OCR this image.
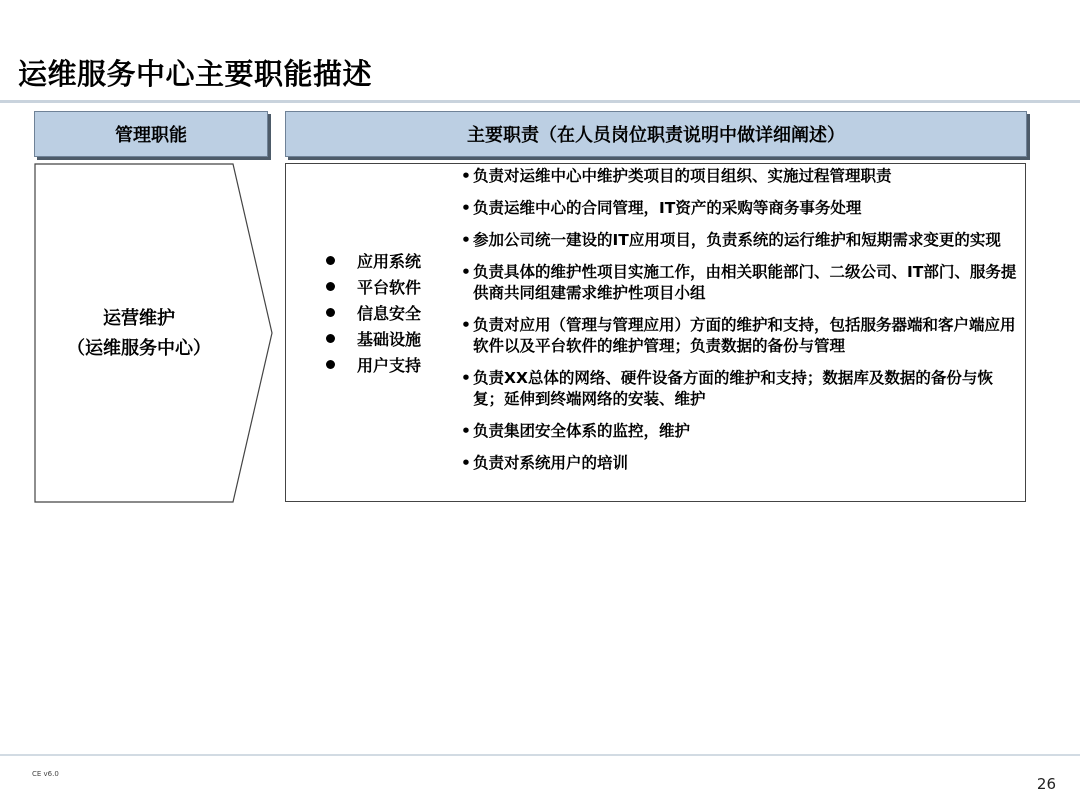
运维服务中心主要职能描述
管理职能	主要职责（在人员岗位职责说明中做详细阐述）
运营维护
（运维服务中心）
应用系统
平台软件
信息安全
基础设施
用户支持
• 负责对运维中心中维护类项目的项目组织、实施过程管理职责
• 负责运维中心的合同管理，IT资产的采购等商务事务处理
• 参加公司统一建设的IT应用项目，负责系统的运行维护和短期需求变更的实现
• 负责具体的维护性项目实施工作，由相关职能部门、二级公司、IT部门、服务提供商共同组建需求维护性项目小组
• 负责对应用（管理与管理应用）方面的维护和支持，包括服务器端和客户端应用软件以及平台软件的维护管理；负责数据的备份与管理
• 负责XX总体的网络、硬件设备方面的维护和支持；数据库及数据的备份与恢复；延伸到终端网络的安装、维护
• 负责集团安全体系的监控，维护
• 负责对系统用户的培训
CE v6.0
26
